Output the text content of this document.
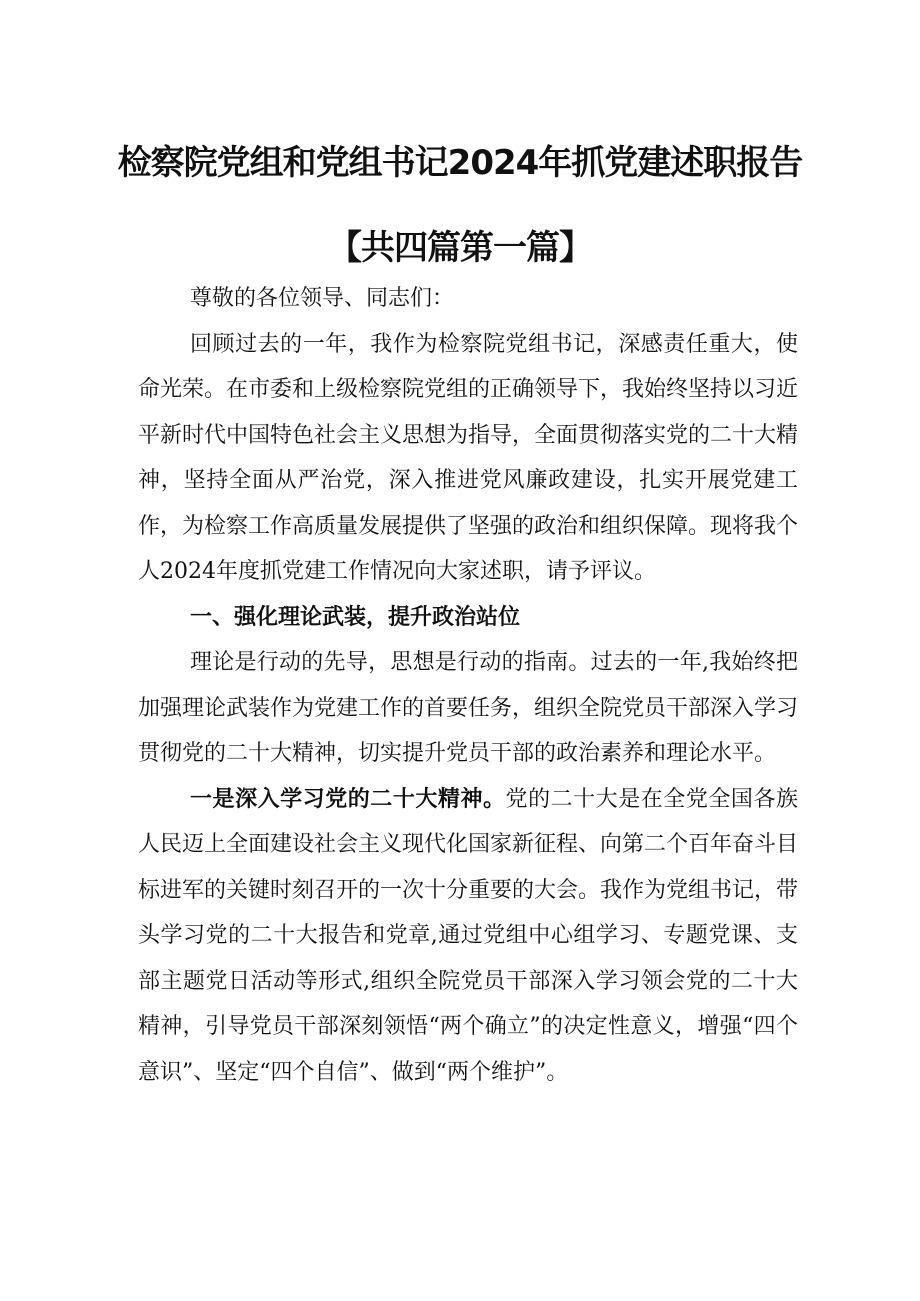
检察院党组和党组书记2024年抓党建述职报告
【共四篇第一篇】

尊敬的各位领导、同志们：

回顾过去的一年，我作为检察院党组书记，深感责任重大，使命光荣。在市委和上级检察院党组的正确领导下，我始终坚持以习近平新时代中国特色社会主义思想为指导，全面贯彻落实党的二十大精神，坚持全面从严治党，深入推进党风廉政建设，扎实开展党建工作，为检察工作高质量发展提供了坚强的政治和组织保障。现将我个人2024年度抓党建工作情况向大家述职，请予评议。

一、强化理论武装，提升政治站位

理论是行动的先导，思想是行动的指南。过去的一年,我始终把加强理论武装作为党建工作的首要任务，组织全院党员干部深入学习贯彻党的二十大精神，切实提升党员干部的政治素养和理论水平。

一是深入学习党的二十大精神。党的二十大是在全党全国各族人民迈上全面建设社会主义现代化国家新征程、向第二个百年奋斗目标进军的关键时刻召开的一次十分重要的大会。我作为党组书记，带头学习党的二十大报告和党章,通过党组中心组学习、专题党课、支部主题党日活动等形式,组织全院党员干部深入学习领会党的二十大精神，引导党员干部深刻领悟“两个确立”的决定性意义，增强“四个意识”、坚定“四个自信”、做到“两个维护”。
